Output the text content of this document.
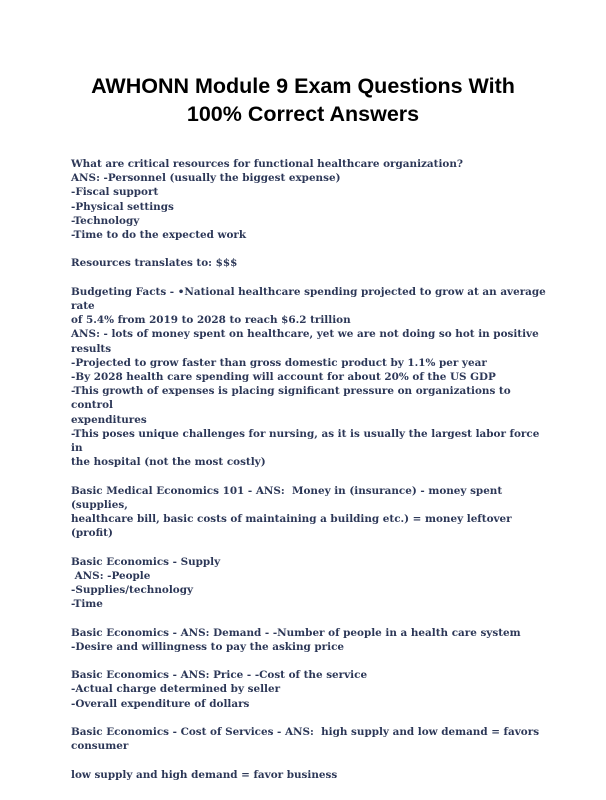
AWHONN Module 9 Exam Questions With
100% Correct Answers
What are critical resources for functional healthcare organization?
ANS: -Personnel (usually the biggest expense)
-Fiscal support
-Physical settings
-Technology
-Time to do the expected work
Resources translates to: $$$
Budgeting Facts - •National healthcare spending projected to grow at an average rate
of 5.4% from 2019 to 2028 to reach $6.2 trillion
ANS: - lots of money spent on healthcare, yet we are not doing so hot in positive
results
-Projected to grow faster than gross domestic product by 1.1% per year
-By 2028 health care spending will account for about 20% of the US GDP
-This growth of expenses is placing significant pressure on organizations to control
expenditures
-This poses unique challenges for nursing, as it is usually the largest labor force in
the hospital (not the most costly)
Basic Medical Economics 101 - ANS:  Money in (insurance) - money spent (supplies,
healthcare bill, basic costs of maintaining a building etc.) = money leftover (profit)
Basic Economics - Supply
ANS: -People
-Supplies/technology
-Time
Basic Economics - ANS: Demand - -Number of people in a health care system
-Desire and willingness to pay the asking price
Basic Economics - ANS: Price - -Cost of the service
-Actual charge determined by seller
-Overall expenditure of dollars
Basic Economics - Cost of Services - ANS:  high supply and low demand = favors
consumer
low supply and high demand = favor business
